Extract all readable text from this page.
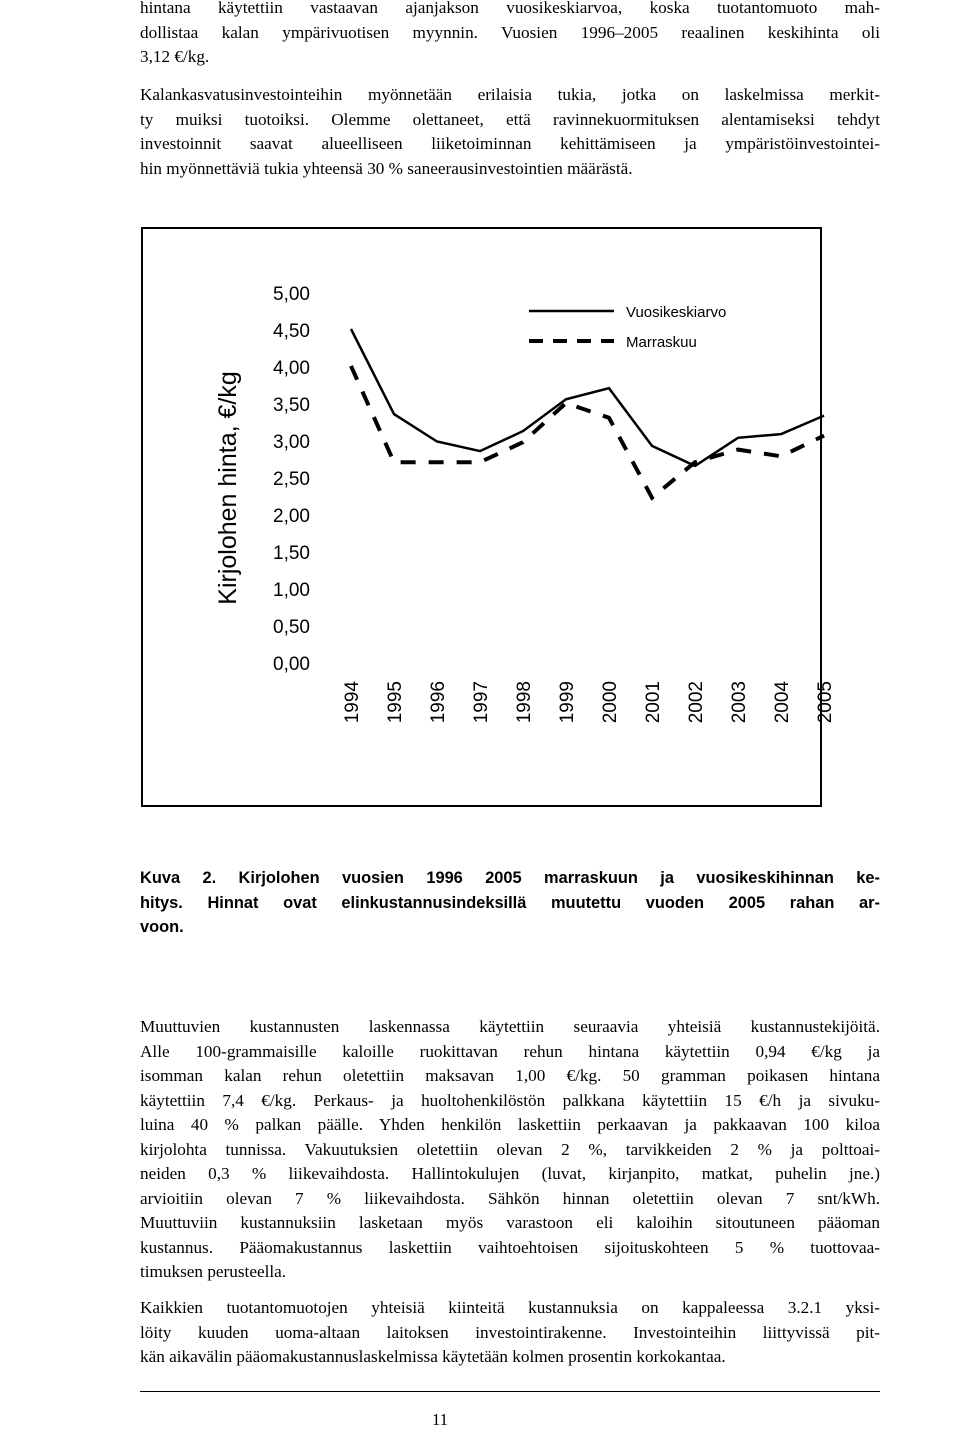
hintana käytettiin vastaavan ajanjakson vuosikeskiarvoa, koska tuotantomuoto mah-
dollistaa kalan ympärivuotisen myynnin. Vuosien 1996–2005 reaalinen keskihinta oli
3,12 €/kg.
Kalankasvatusinvestointeihin myönnetään erilaisia tukia, jotka on laskelmissa merkit-
ty muiksi tuotoiksi. Olemme olettaneet, että ravinnekuormituksen alentamiseksi tehdyt
investoinnit saavat alueelliseen liiketoiminnan kehittämiseen ja ympäristöinvestointei-
hin myönnettäviä tukia yhteensä 30 % saneerausinvestointien määrästä.
Kuva 2. Kirjolohen vuosien 1996 2005 marraskuun ja vuosikeskihinnan ke-
hitys. Hinnat ovat elinkustannusindeksillä muutettu vuoden 2005 rahan ar-
voon.
Muuttuvien kustannusten laskennassa käytettiin seuraavia yhteisiä kustannustekijöitä.
Alle 100-grammaisille kaloille ruokittavan rehun hintana käytettiin 0,94 €/kg ja
isomman kalan rehun oletettiin maksavan 1,00 €/kg. 50 gramman poikasen hintana
käytettiin 7,4 €/kg. Perkaus- ja huoltohenkilöstön palkkana käytettiin 15 €/h ja sivuku-
luina 40 % palkan päälle. Yhden henkilön laskettiin perkaavan ja pakkaavan 100 kiloa
kirjolohta tunnissa. Vakuutuksien oletettiin olevan 2 %, tarvikkeiden 2 % ja polttoai-
neiden 0,3 % liikevaihdosta. Hallintokulujen (luvat, kirjanpito, matkat, puhelin jne.)
arvioitiin olevan 7 % liikevaihdosta. Sähkön hinnan oletettiin olevan 7 snt/kWh.
Muuttuviin kustannuksiin lasketaan myös varastoon eli kaloihin sitoutuneen pääoman
kustannus. Pääomakustannus laskettiin vaihtoehtoisen sijoituskohteen 5 % tuottovaa-
timuksen perusteella.
Kaikkien tuotantomuotojen yhteisiä kiinteitä kustannuksia on kappaleessa 3.2.1 yksi-
löity kuuden uoma-altaan laitoksen investointirakenne. Investointeihin liittyvissä pit-
kän aikavälin pääomakustannuslaskelmissa käytetään kolmen prosentin korkokantaa.
Kirjolohen hinta, €/kg
5,00
4,50
4,00
3,50
3,00
2,50
2,00
1,50
1,00
0,50
0,00
1994 1995 1996 1997 1998 1999 2000 2001 2002 2003 2004 2005
Vuosikeskiarvo
Marraskuu
11
